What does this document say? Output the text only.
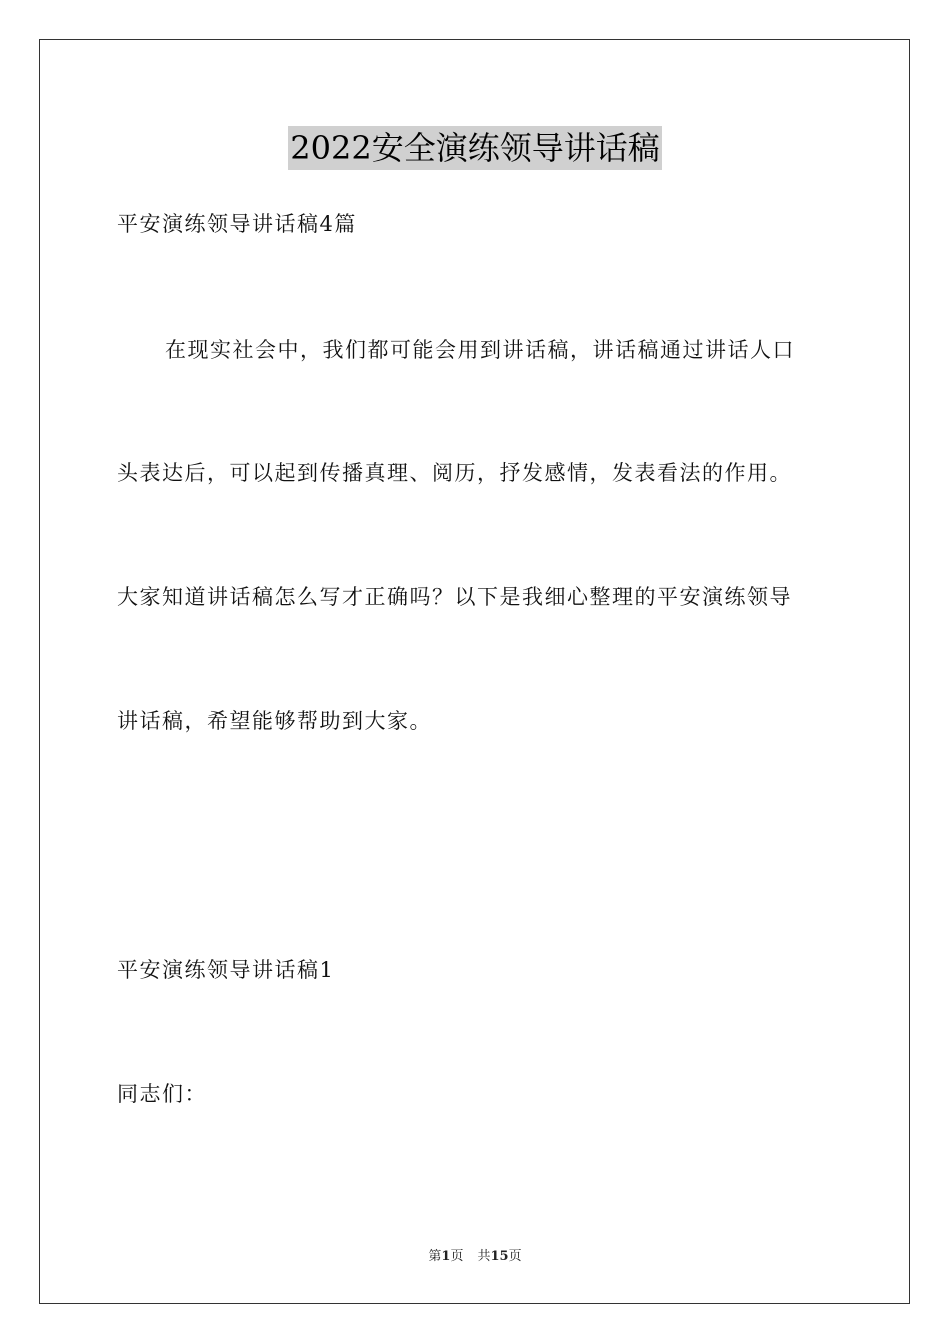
2022安全演练领导讲话稿
平安演练领导讲话稿4篇
在现实社会中，我们都可能会用到讲话稿，讲话稿通过讲话人口
头表达后，可以起到传播真理、阅历，抒发感情，发表看法的作用。
大家知道讲话稿怎么写才正确吗？以下是我细心整理的平安演练领导
讲话稿，希望能够帮助到大家。
平安演练领导讲话稿1
同志们：
第1页 共15页
